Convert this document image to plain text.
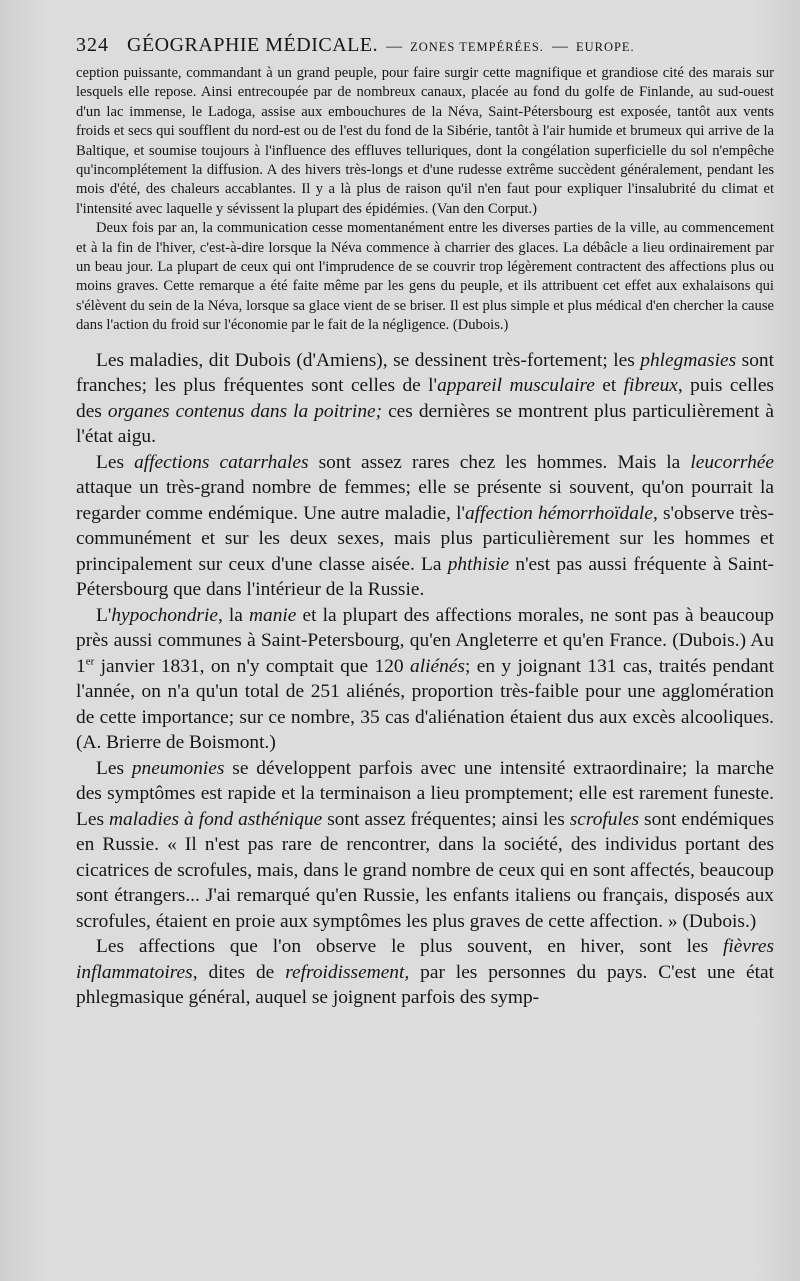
324 GÉOGRAPHIE MÉDICALE. — ZONES TEMPÉRÉES. — EUROPE.

ception puissante, commandant à un grand peuple, pour faire surgir cette magnifique et grandiose cité des marais sur lesquels elle repose. Ainsi entrecoupée par de nombreux canaux, placée au fond du golfe de Finlande, au sud-ouest d'un lac immense, le Ladoga, assise aux embouchures de la Néva, Saint-Pétersbourg est exposée, tantôt aux vents froids et secs qui soufflent du nord-est ou de l'est du fond de la Sibérie, tantôt à l'air humide et brumeux qui arrive de la Baltique, et soumise toujours à l'influence des effluves telluriques, dont la congélation superficielle du sol n'empêche qu'incomplétement la diffusion. A des hivers très-longs et d'une rudesse extrême succèdent généralement, pendant les mois d'été, des chaleurs accablantes. Il y a là plus de raison qu'il n'en faut pour expliquer l'insalubrité du climat et l'intensité avec laquelle y sévissent la plupart des épidémies. (Van den Corput.)

Deux fois par an, la communication cesse momentanément entre les diverses parties de la ville, au commencement et à la fin de l'hiver, c'est-à-dire lorsque la Néva commence à charrier des glaces. La débâcle a lieu ordinairement par un beau jour. La plupart de ceux qui ont l'imprudence de se couvrir trop légèrement contractent des affections plus ou moins graves. Cette remarque a été faite même par les gens du peuple, et ils attribuent cet effet aux exhalaisons qui s'élèvent du sein de la Néva, lorsque sa glace vient de se briser. Il est plus simple et plus médical d'en chercher la cause dans l'action du froid sur l'économie par le fait de la négligence. (Dubois.)

Les maladies, dit Dubois (d'Amiens), se dessinent très-fortement; les phlegmasies sont franches; les plus fréquentes sont celles de l'appareil musculaire et fibreux, puis celles des organes contenus dans la poitrine; ces dernières se montrent plus particulièrement à l'état aigu.

Les affections catarrhales sont assez rares chez les hommes. Mais la leucorrhée attaque un très-grand nombre de femmes; elle se présente si souvent, qu'on pourrait la regarder comme endémique. Une autre maladie, l'affection hémorrhoïdale, s'observe très-communément et sur les deux sexes, mais plus particulièrement sur les hommes et principalement sur ceux d'une classe aisée. La phthisie n'est pas aussi fréquente à Saint-Pétersbourg que dans l'intérieur de la Russie.

L'hypochondrie, la manie et la plupart des affections morales, ne sont pas à beaucoup près aussi communes à Saint-Petersbourg, qu'en Angleterre et qu'en France. (Dubois.) Au 1er janvier 1831, on n'y comptait que 120 aliénés; en y joignant 131 cas, traités pendant l'année, on n'a qu'un total de 251 aliénés, proportion très-faible pour une agglomération de cette importance; sur ce nombre, 35 cas d'aliénation étaient dus aux excès alcooliques. (A. Brierre de Boismont.)

Les pneumonies se développent parfois avec une intensité extraordinaire; la marche des symptômes est rapide et la terminaison a lieu promptement; elle est rarement funeste. Les maladies à fond asthénique sont assez fréquentes; ainsi les scrofules sont endémiques en Russie. « Il n'est pas rare de rencontrer, dans la société, des individus portant des cicatrices de scrofules, mais, dans le grand nombre de ceux qui en sont affectés, beaucoup sont étrangers... J'ai remarqué qu'en Russie, les enfants italiens ou français, disposés aux scrofules, étaient en proie aux symptômes les plus graves de cette affection. » (Dubois.)

Les affections que l'on observe le plus souvent, en hiver, sont les fièvres inflammatoires, dites de refroidissement, par les personnes du pays. C'est une état phlegmasique général, auquel se joignent parfois des symp-
